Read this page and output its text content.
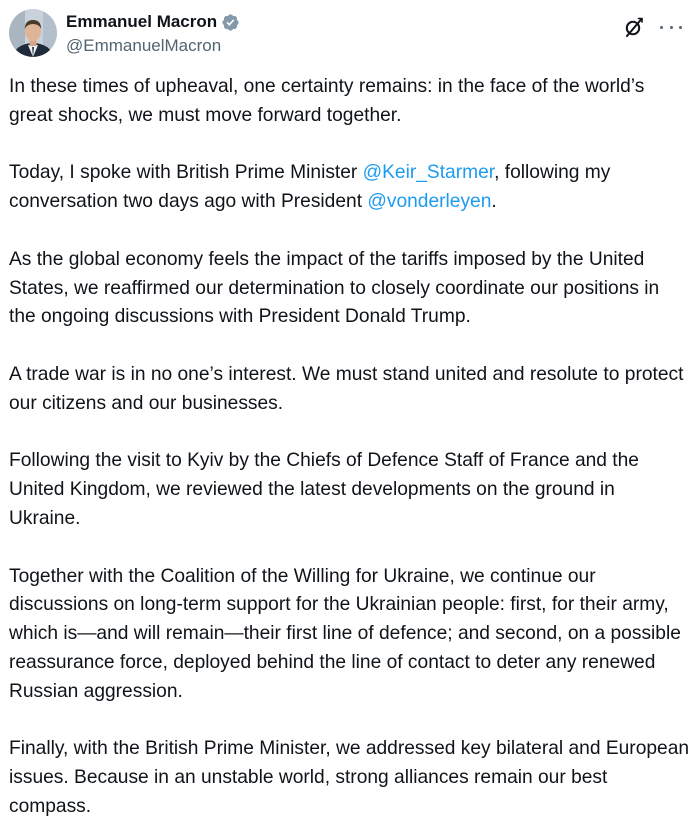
Emmanuel Macron
@EmmanuelMacron

In these times of upheaval, one certainty remains: in the face of the world’s great shocks, we must move forward together.

Today, I spoke with British Prime Minister @Keir_Starmer, following my conversation two days ago with President @vonderleyen.

As the global economy feels the impact of the tariffs imposed by the United States, we reaffirmed our determination to closely coordinate our positions in the ongoing discussions with President Donald Trump.

A trade war is in no one’s interest. We must stand united and resolute to protect our citizens and our businesses.

Following the visit to Kyiv by the Chiefs of Defence Staff of France and the United Kingdom, we reviewed the latest developments on the ground in Ukraine.

Together with the Coalition of the Willing for Ukraine, we continue our discussions on long-term support for the Ukrainian people: first, for their army, which is—and will remain—their first line of defence; and second, on a possible reassurance force, deployed behind the line of contact to deter any renewed Russian aggression.

Finally, with the British Prime Minister, we addressed key bilateral and European issues. Because in an unstable world, strong alliances remain our best compass.
